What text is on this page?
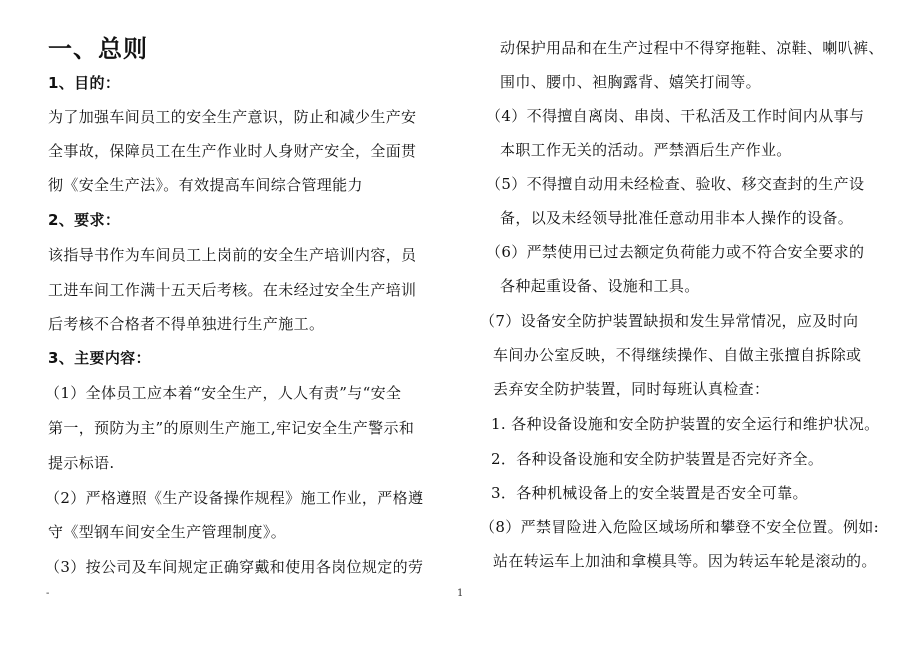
一、总则
1、目的：
为了加强车间员工的安全生产意识，防止和减少生产安
全事故，保障员工在生产作业时人身财产安全，全面贯
彻《安全生产法》。有效提高车间综合管理能力
2、要求：
该指导书作为车间员工上岗前的安全生产培训内容，员
工进车间工作满十五天后考核。在未经过安全生产培训
后考核不合格者不得单独进行生产施工。
3、主要内容：
（1）全体员工应本着“安全生产，人人有责”与“安全
第一，预防为主”的原则生产施工,牢记安全生产警示和
提示标语.
（2）严格遵照《生产设备操作规程》施工作业，严格遵
守《型钢车间安全生产管理制度》。
（3）按公司及车间规定正确穿戴和使用各岗位规定的劳
动保护用品和在生产过程中不得穿拖鞋、凉鞋、喇叭裤、
围巾、腰巾、袒胸露背、嬉笑打闹等。
（4）不得擅自离岗、串岗、干私活及工作时间内从事与
本职工作无关的活动。严禁酒后生产作业。
（5）不得擅自动用未经检查、验收、移交查封的生产设
备，以及未经领导批准任意动用非本人操作的设备。
（6）严禁使用已过去额定负荷能力或不符合安全要求的
各种起重设备、设施和工具。
（7）设备安全防护装置缺损和发生异常情况，应及时向
车间办公室反映，不得继续操作、自做主张擅自拆除或
丢弃安全防护装置，同时每班认真检查：
1. 各种设备设施和安全防护装置的安全运行和维护状况。
2．各种设备设施和安全防护装置是否完好齐全。
3．各种机械设备上的安全装置是否安全可靠。
（8）严禁冒险进入危险区域场所和攀登不安全位置。例如:
站在转运车上加油和拿模具等。因为转运车轮是滚动的。
-	1
